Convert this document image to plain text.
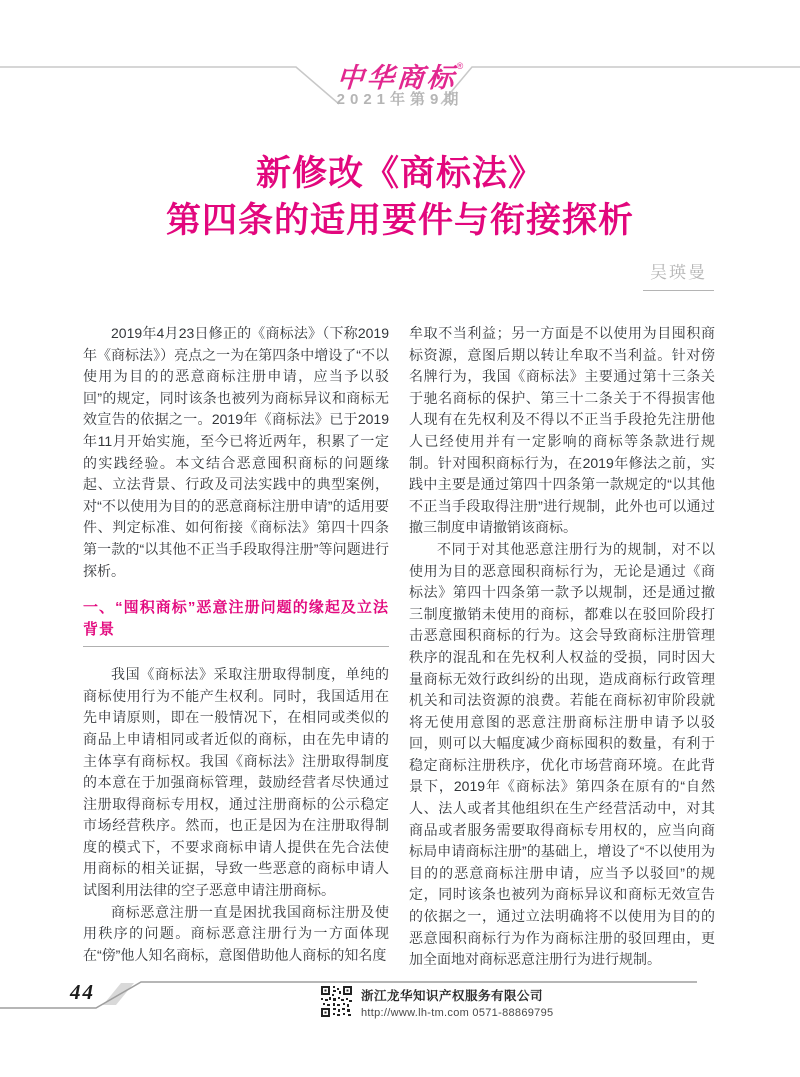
中华商标®
2021年第9期
新修改《商标法》
第四条的适用要件与衔接探析
吴瑛曼

2019年4月23日修正的《商标法》（下称2019年《商标法》）亮点之一为在第四条中增设了“不以使用为目的的恶意商标注册申请，应当予以驳回”的规定，同时该条也被列为商标异议和商标无效宣告的依据之一。2019年《商标法》已于2019年11月开始实施，至今已将近两年，积累了一定的实践经验。本文结合恶意囤积商标的问题缘起、立法背景、行政及司法实践中的典型案例，对“不以使用为目的的恶意商标注册申请”的适用要件、判定标准、如何衔接《商标法》第四十四条第一款的“以其他不正当手段取得注册”等问题进行探析。

一、“囤积商标”恶意注册问题的缘起及立法背景

我国《商标法》采取注册取得制度，单纯的商标使用行为不能产生权利。同时，我国适用在先申请原则，即在一般情况下，在相同或类似的商品上申请相同或者近似的商标，由在先申请的主体享有商标权。我国《商标法》注册取得制度的本意在于加强商标管理，鼓励经营者尽快通过注册取得商标专用权，通过注册商标的公示稳定市场经营秩序。然而，也正是因为在注册取得制度的模式下，不要求商标申请人提供在先合法使用商标的相关证据，导致一些恶意的商标申请人试图利用法律的空子恶意申请注册商标。

商标恶意注册一直是困扰我国商标注册及使用秩序的问题。商标恶意注册行为一方面体现在“傍”他人知名商标，意图借助他人商标的知名度

牟取不当利益；另一方面是不以使用为目囤积商标资源，意图后期以转让牟取不当利益。针对傍名牌行为，我国《商标法》主要通过第十三条关于驰名商标的保护、第三十二条关于不得损害他人现有在先权利及不得以不正当手段抢先注册他人已经使用并有一定影响的商标等条款进行规制。针对囤积商标行为，在2019年修法之前，实践中主要是通过第四十四条第一款规定的“以其他不正当手段取得注册”进行规制，此外也可以通过撤三制度申请撤销该商标。

不同于对其他恶意注册行为的规制，对不以使用为目的恶意囤积商标行为，无论是通过《商标法》第四十四条第一款予以规制，还是通过撤三制度撤销未使用的商标，都难以在驳回阶段打击恶意囤积商标的行为。这会导致商标注册管理秩序的混乱和在先权利人权益的受损，同时因大量商标无效行政纠纷的出现，造成商标行政管理机关和司法资源的浪费。若能在商标初审阶段就将无使用意图的恶意注册商标注册申请予以驳回，则可以大幅度减少商标囤积的数量，有利于稳定商标注册秩序，优化市场营商环境。在此背景下，2019年《商标法》第四条在原有的“自然人、法人或者其他组织在生产经营活动中，对其商品或者服务需要取得商标专用权的，应当向商标局申请商标注册”的基础上，增设了“不以使用为目的的恶意商标注册申请，应当予以驳回”的规定，同时该条也被列为商标异议和商标无效宣告的依据之一，通过立法明确将不以使用为目的的恶意囤积商标行为作为商标注册的驳回理由，更加全面地对商标恶意注册行为进行规制。

44	浙江龙华知识产权服务有限公司
http://www.lh-tm.com 0571-88869795
